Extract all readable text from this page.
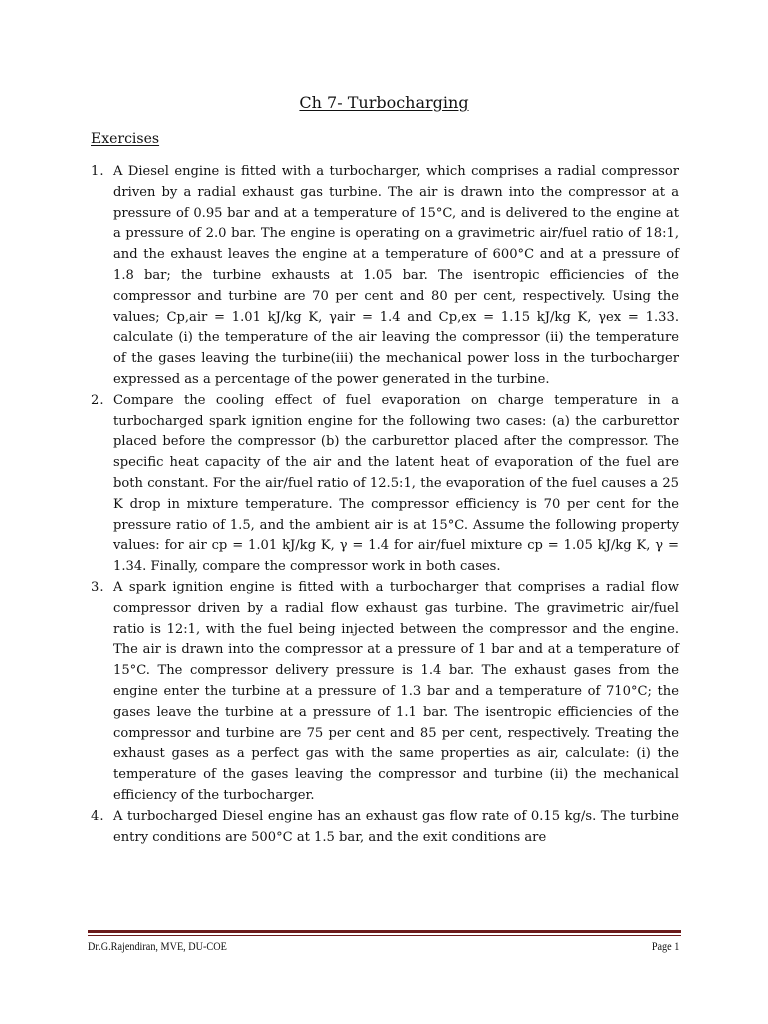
Ch 7- Turbocharging
Exercises
1. A Diesel engine is fitted with a turbocharger, which comprises a radial compressor driven by a radial exhaust gas turbine. The air is drawn into the compressor at a pressure of 0.95 bar and at a temperature of 15°C, and is delivered to the engine at a pressure of 2.0 bar. The engine is operating on a gravimetric air/fuel ratio of 18:1, and the exhaust leaves the engine at a temperature of 600°C and at a pressure of 1.8 bar; the turbine exhausts at 1.05 bar. The isentropic efficiencies of the compressor and turbine are 70 per cent and 80 per cent, respectively. Using the values; Cp,air = 1.01 kJ/kg K, γair = 1.4 and Cp,ex = 1.15 kJ/kg K, γex = 1.33. calculate (i) the temperature of the air leaving the compressor (ii) the temperature of the gases leaving the turbine(iii) the mechanical power loss in the turbocharger expressed as a percentage of the power generated in the turbine.
2. Compare the cooling effect of fuel evaporation on charge temperature in a turbocharged spark ignition engine for the following two cases: (a) the carburettor placed before the compressor (b) the carburettor placed after the compressor. The specific heat capacity of the air and the latent heat of evaporation of the fuel are both constant. For the air/fuel ratio of 12.5:1, the evaporation of the fuel causes a 25 K drop in mixture temperature. The compressor efficiency is 70 per cent for the pressure ratio of 1.5, and the ambient air is at 15°C. Assume the following property values: for air cp = 1.01 kJ/kg K, γ = 1.4 for air/fuel mixture cp = 1.05 kJ/kg K, γ = 1.34. Finally, compare the compressor work in both cases.
3. A spark ignition engine is fitted with a turbocharger that comprises a radial flow compressor driven by a radial flow exhaust gas turbine. The gravimetric air/fuel ratio is 12:1, with the fuel being injected between the compressor and the engine. The air is drawn into the compressor at a pressure of 1 bar and at a temperature of 15°C. The compressor delivery pressure is 1.4 bar. The exhaust gases from the engine enter the turbine at a pressure of 1.3 bar and a temperature of 710°C; the gases leave the turbine at a pressure of 1.1 bar. The isentropic efficiencies of the compressor and turbine are 75 per cent and 85 per cent, respectively. Treating the exhaust gases as a perfect gas with the same properties as air, calculate: (i) the temperature of the gases leaving the compressor and turbine (ii) the mechanical efficiency of the turbocharger.
4. A turbocharged Diesel engine has an exhaust gas flow rate of 0.15 kg/s. The turbine entry conditions are 500°C at 1.5 bar, and the exit conditions are
Dr.G.Rajendiran, MVE, DU-COE	Page 1
